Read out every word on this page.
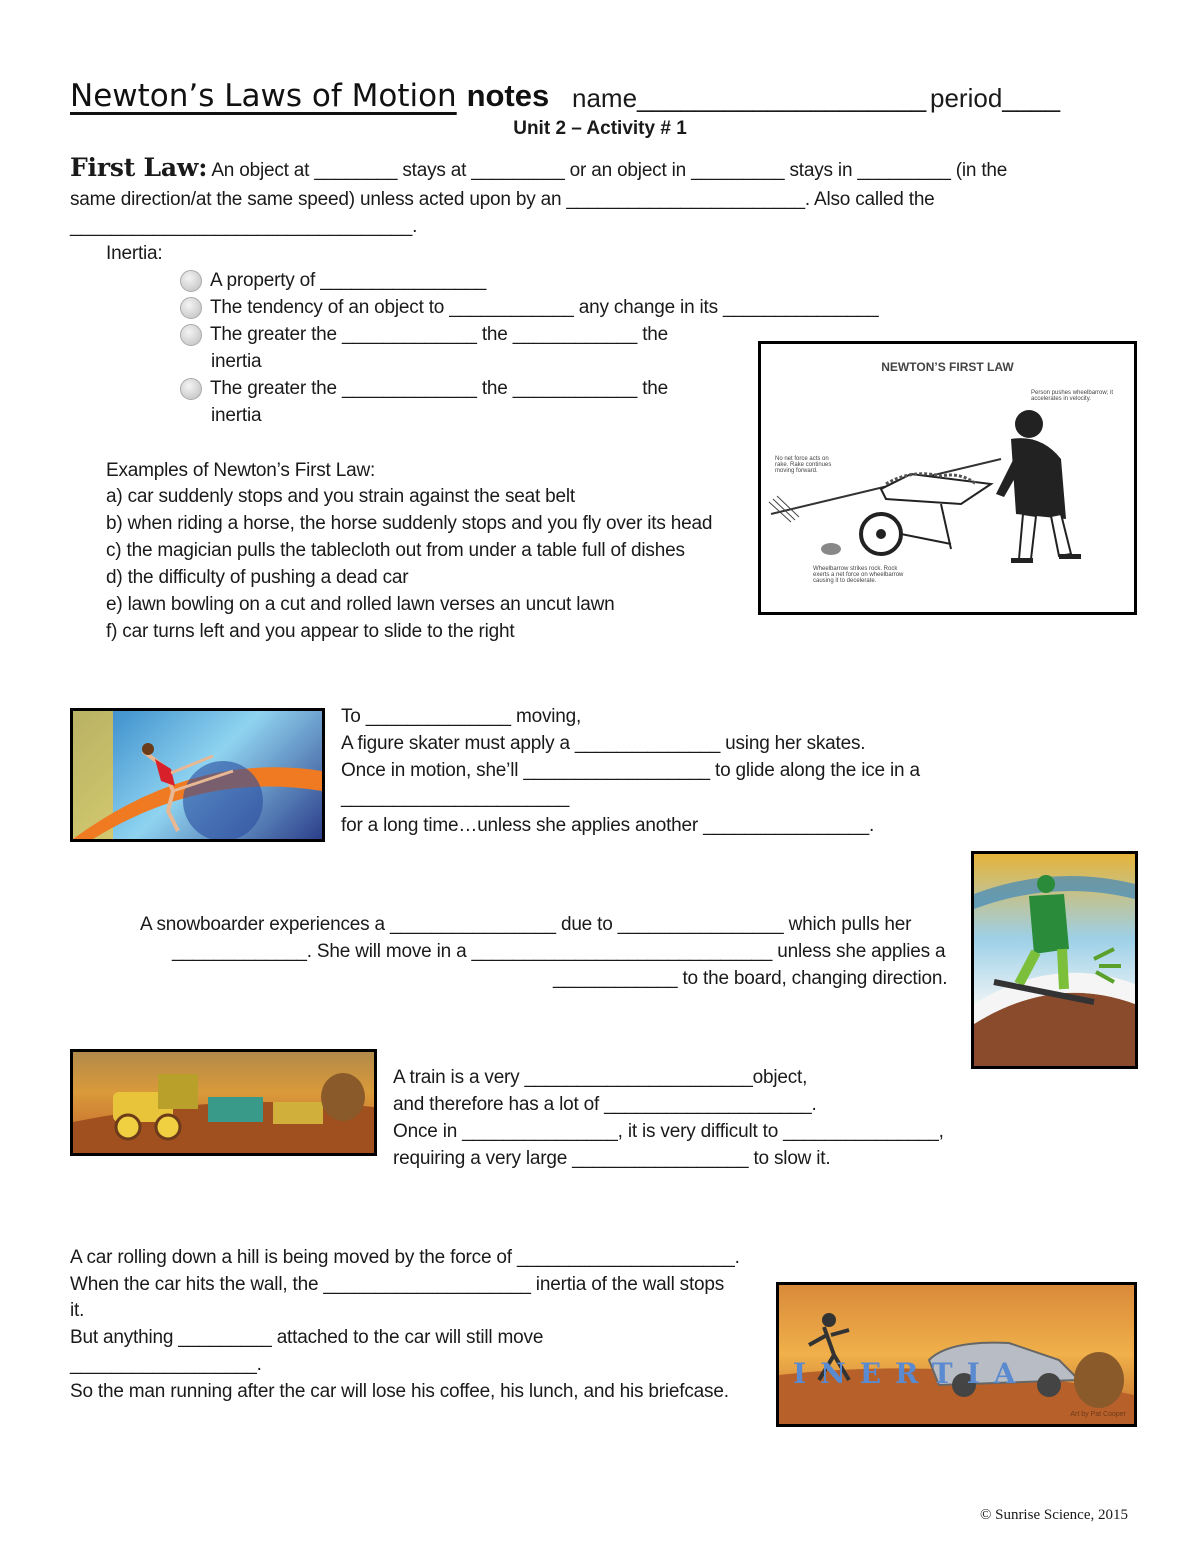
Newton’s Laws of Motion notes name____________________ period____
Unit 2 – Activity # 1
First Law: An object at ________ stays at _________ or an object in _________ stays in _________ (in the
same direction/at the same speed) unless acted upon by an _______________________. Also called the
_________________________________.
Inertia:
A property of ________________
The tendency of an object to ____________ any change in its _______________
The greater the _____________ the ____________ the
inertia
The greater the _____________ the ____________ the
inertia
Examples of Newton’s First Law:
a) car suddenly stops and you strain against the seat belt
b) when riding a horse, the horse suddenly stops and you fly over its head
c) the magician pulls the tablecloth out from under a table full of dishes
d) the difficulty of pushing a dead car
e) lawn bowling on a cut and rolled lawn verses an uncut lawn
f) car turns left and you appear to slide to the right
NEWTON’S FIRST LAW
Person pushes wheelbarrow; it accelerates in velocity.
No net force acts on rake. Rake continues moving forward.
Wheelbarrow strikes rock. Rock exerts a net force on wheelbarrow causing it to decelerate.
To ______________ moving,
A figure skater must apply a ______________ using her skates.
Once in motion, she’ll __________________ to glide along the ice in a
______________________
for a long time…unless she applies another ________________.
A snowboarder experiences a ________________ due to ________________ which pulls her
_____________. She will move in a _____________________________ unless she applies a
____________ to the board, changing direction.
A train is a very ______________________object,
and therefore has a lot of ____________________.
Once in _______________, it is very difficult to _______________,
requiring a very large _________________ to slow it.
A car rolling down a hill is being moved by the force of _____________________.
When the car hits the wall, the ____________________ inertia of the wall stops
it.
But anything _________ attached to the car will still move
__________________.
So the man running after the car will lose his coffee, his lunch, and his briefcase.
INERTIA
Art by Pat Cooper
© Sunrise Science, 2015
